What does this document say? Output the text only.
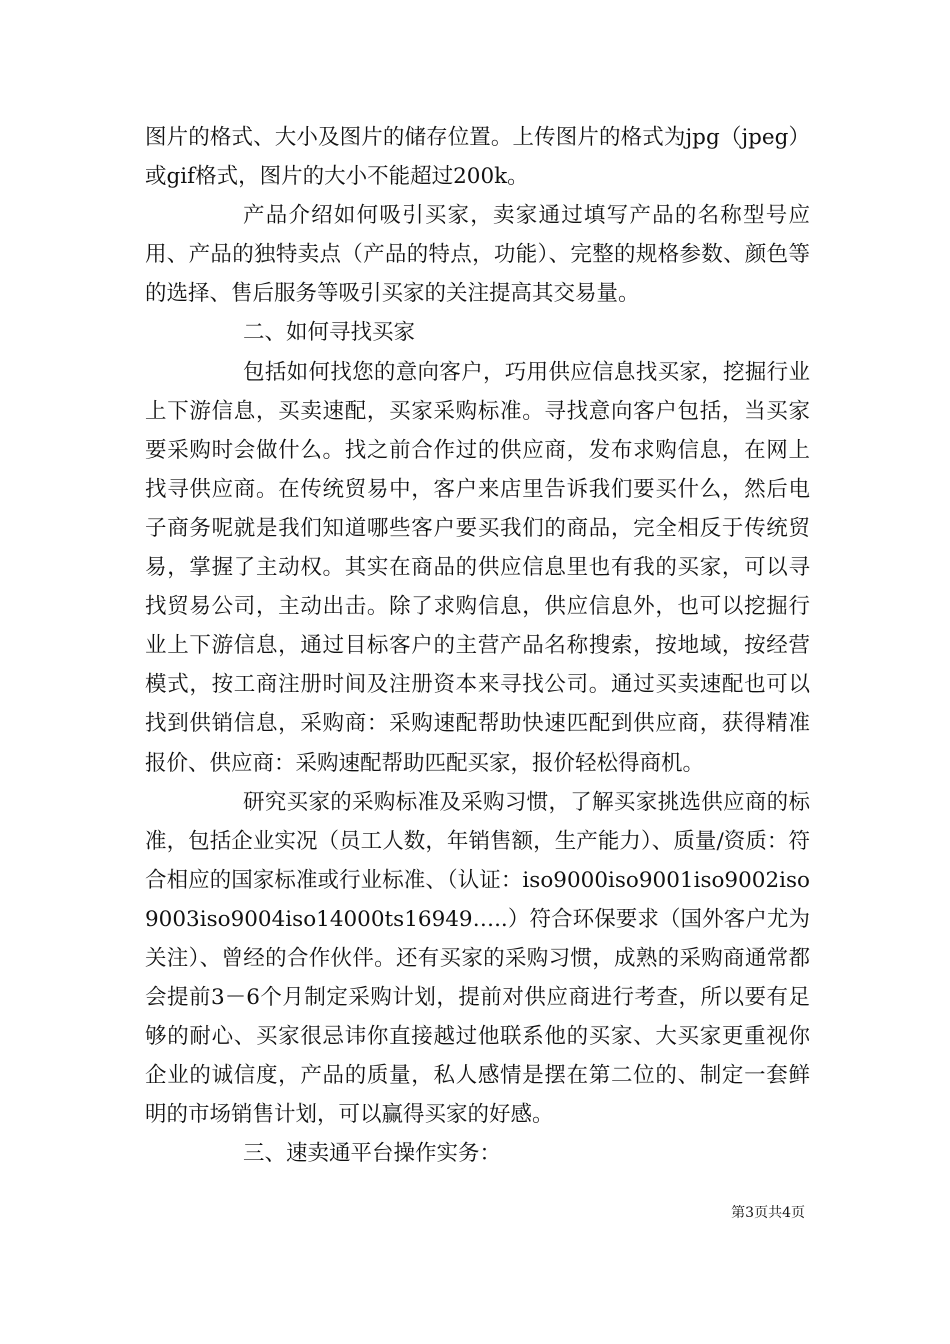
图片的格式、大小及图片的储存位置。上传图片的格式为jpg（jpeg）或gif格式，图片的大小不能超过200k。

产品介绍如何吸引买家，卖家通过填写产品的名称型号应用、产品的独特卖点（产品的特点，功能）、完整的规格参数、颜色等的选择、售后服务等吸引买家的关注提高其交易量。

二、如何寻找买家

包括如何找您的意向客户，巧用供应信息找买家，挖掘行业上下游信息，买卖速配，买家采购标准。寻找意向客户包括，当买家要采购时会做什么。找之前合作过的供应商，发布求购信息，在网上找寻供应商。在传统贸易中，客户来店里告诉我们要买什么，然后电子商务呢就是我们知道哪些客户要买我们的商品，完全相反于传统贸易，掌握了主动权。其实在商品的供应信息里也有我的买家，可以寻找贸易公司，主动出击。除了求购信息，供应信息外，也可以挖掘行业上下游信息，通过目标客户的主营产品名称搜索，按地域，按经营模式，按工商注册时间及注册资本来寻找公司。通过买卖速配也可以找到供销信息，采购商：采购速配帮助快速匹配到供应商，获得精准报价、供应商：采购速配帮助匹配买家，报价轻松得商机。

研究买家的采购标准及采购习惯，了解买家挑选供应商的标准，包括企业实况（员工人数，年销售额，生产能力）、质量/资质：符合相应的国家标准或行业标准、（认证：iso9000iso9001iso9002iso9003iso9004iso14000ts16949…..）符合环保要求（国外客户尤为关注）、曾经的合作伙伴。还有买家的采购习惯，成熟的采购商通常都会提前3－6个月制定采购计划，提前对供应商进行考查，所以要有足够的耐心、买家很忌讳你直接越过他联系他的买家、大买家更重视你企业的诚信度，产品的质量，私人感情是摆在第二位的、制定一套鲜明的市场销售计划，可以赢得买家的好感。

三、速卖通平台操作实务：

第3页共4页
